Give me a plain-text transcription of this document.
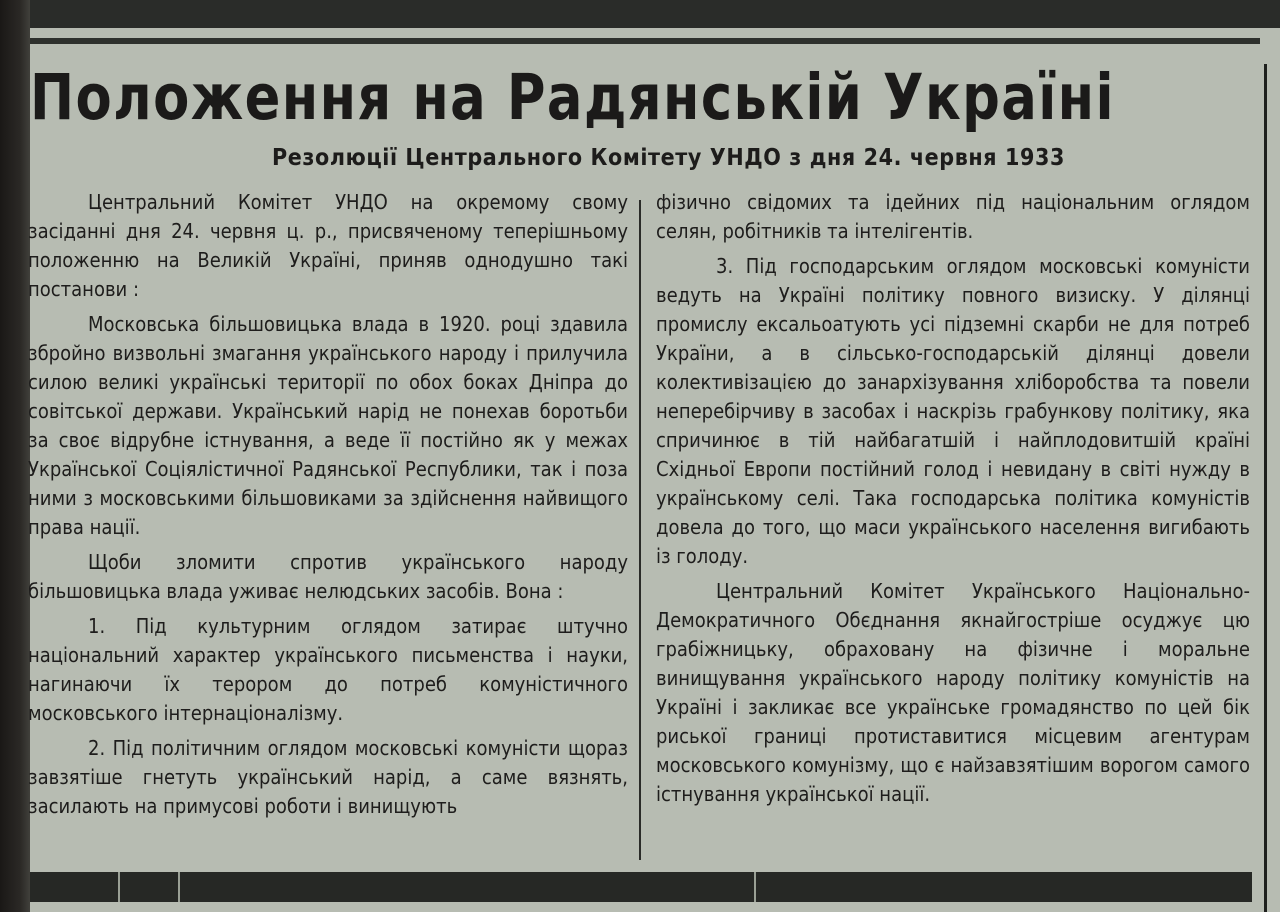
Положення на Радянській Україні
Резолюції Центрального Комітету УНДО з дня 24. червня 1933

Центральний Комітет УНДО на окремому свому засіданні дня 24. червня ц. р., присвяченому теперішньому положенню на Великій Україні, приняв однодушно такі постанови :

Московська більшовицька влада в 1920. році здавила збройно визвольні змагання українського народу і прилучила силою великі українські території по обох боках Дніпра до совітської держави. Український нарід не понехав боротьби за своє відрубне істнування, а веде її постійно як у межах Української Соціялістичної Радянської Республики, так і поза ними з московськими більшовиками за здійснення найвищого права нації.

Щоби зломити спротив українського народу більшовицька влада уживає нелюдських засобів. Вона :

1. Під культурним оглядом затирає штучно національний характер українського письменства і науки, нагинаючи їх терором до потреб комуністичного московського інтернаціоналізму.

2. Під політичним оглядом московські комуністи щораз завзятіше гнетуть український нарід, а саме вязнять, засилають на примусові роботи і винищують

фізично свідомих та ідейних під національним оглядом селян, робітників та інтелігентів.

3. Під господарським оглядом московські комуністи ведуть на Україні політику повного визиску. У ділянці промислу ексальоатують усі підземні скарби не для потреб України, а в сільсько-господарській ділянці довели колективізацією до занархізування хліборобства та повели неперебірчиву в засобах і наскрізь грабункову політику, яка спричинює в тій найбагатшій і найплодовитшій країні Східньої Европи постійний голод і невидану в світі нужду в українському селі. Така господарська політика комуністів довела до того, що маси українського населення вигибають із голоду.

Центральний Комітет Українського Національно-Демократичного Обєднання якнайгостріше осуджує цю грабіжницьку, обраховану на фізичне і моральне винищування українського народу політику комуністів на Україні і закликає все українське громадянство по цей бік риської границі протиставитися місцевим агентурам московського комунізму, що є найзавзятішим ворогом самого істнування української нації.
